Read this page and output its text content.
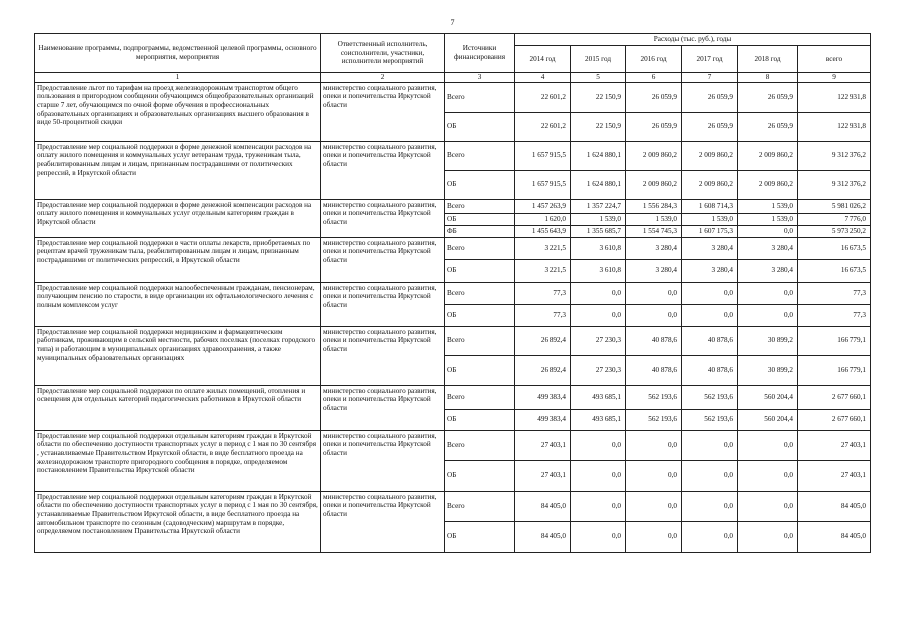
7
Наименование программы, подпрограммы, ведомственной целевой программы, основного мероприятия, мероприятия	Ответственный исполнитель, соисполнители, участники, исполнители мероприятий	Источники финансирования	Расходы (тыс. руб.), годы					
			2014 год	2015 год	2016 год	2017 год	2018 год	всего
1	2	3	4	5	6	7	8	9
Предоставление льгот по тарифам на проезд железнодорожным транспортом общего пользования в пригородном сообщении обучающимся общеобразовательных организаций старше 7 лет, обучающимся по очной форме обучения в профессиональных образовательных организациях и образовательных организациях высшего образования в виде 50-процентной скидки	министерство социального развития, опеки и попечительства Иркутской области	Всего	22 601,2	22 150,9	26 059,9	26 059,9	26 059,9	122 931,8
		ОБ	22 601,2	22 150,9	26 059,9	26 059,9	26 059,9	122 931,8
Предоставление мер социальной поддержки в форме денежной компенсации расходов на оплату жилого помещения и коммунальных услуг ветеранам труда, труженикам тыла, реабилитированным лицам и лицам, признанным пострадавшими от политических репрессий, в Иркутской области	министерство социального развития, опеки и попечительства Иркутской области	Всего	1 657 915,5	1 624 880,1	2 009 860,2	2 009 860,2	2 009 860,2	9 312 376,2
		ОБ	1 657 915,5	1 624 880,1	2 009 860,2	2 009 860,2	2 009 860,2	9 312 376,2
Предоставление мер социальной поддержки в форме денежной компенсации расходов на оплату жилого помещения и коммунальных услуг отдельным категориям граждан в Иркутской области	министерство социального развития, опеки и попечительства Иркутской области	Всего	1 457 263,9	1 357 224,7	1 556 284,3	1 608 714,3	1 539,0	5 981 026,2
		ОБ	1 620,0	1 539,0	1 539,0	1 539,0	1 539,0	7 776,0
		ФБ	1 455 643,9	1 355 685,7	1 554 745,3	1 607 175,3	0,0	5 973 250,2
Предоставление мер социальной поддержки в части оплаты лекарств, приобретаемых по рецептам врачей труженикам тыла, реабилитированным лицам и лицам, признанным пострадавшими от политических репрессий, в Иркутской области	министерство социального развития, опеки и попечительства Иркутской области	Всего	3 221,5	3 610,8	3 280,4	3 280,4	3 280,4	16 673,5
		ОБ	3 221,5	3 610,8	3 280,4	3 280,4	3 280,4	16 673,5
Предоставление мер социальной поддержки малообеспеченным гражданам, пенсионерам, получающим пенсию по старости, в виде организации их офтальмологического лечения с полным комплексом услуг	министерство социального развития, опеки и попечительства Иркутской области	Всего	77,3	0,0	0,0	0,0	0,0	77,3
		ОБ	77,3	0,0	0,0	0,0	0,0	77,3
Предоставление мер социальной поддержки медицинским и фармацевтическим работникам, проживающим в сельской местности, рабочих поселках (поселках городского типа) и работающим в муниципальных организациях здравоохранения, а также муниципальных образовательных организациях	министерство социального развития, опеки и попечительства Иркутской области	Всего	26 892,4	27 230,3	40 878,6	40 878,6	30 899,2	166 779,1
		ОБ	26 892,4	27 230,3	40 878,6	40 878,6	30 899,2	166 779,1
Предоставление мер социальной поддержки по оплате жилых помещений, отопления и освещения для отдельных категорий педагогических работников в Иркутской области	министерство социального развития, опеки и попечительства Иркутской области	Всего	499 383,4	493 685,1	562 193,6	562 193,6	560 204,4	2 677 660,1
		ОБ	499 383,4	493 685,1	562 193,6	562 193,6	560 204,4	2 677 660,1
Предоставление мер социальной поддержки отдельным категориям граждан в Иркутской области по обеспечению доступности транспортных услуг в период с 1 мая по 30 сентября , устанавливаемые Правительством Иркутской области, в виде бесплатного проезда на железнодорожном транспорте пригородного сообщения в порядке, определяемом постановлением Правительства Иркутской области	министерство социального развития, опеки и попечительства Иркутской области	Всего	27 403,1	0,0	0,0	0,0	0,0	27 403,1
		ОБ	27 403,1	0,0	0,0	0,0	0,0	27 403,1
Предоставление мер социальной поддержки отдельным категориям граждан в Иркутской области по обеспечению доступности транспортных услуг в период с 1 мая по 30 сентября, устанавливаемые Правительством Иркутской области, в виде бесплатного проезда на автомобильном транспорте по сезонным (садоводческим) маршрутам в порядке, определяемом постановлением Правительства Иркутской области	министерство социального развития, опеки и попечительства Иркутской области	Всего	84 405,0	0,0	0,0	0,0	0,0	84 405,0
		ОБ	84 405,0	0,0	0,0	0,0	0,0	84 405,0
